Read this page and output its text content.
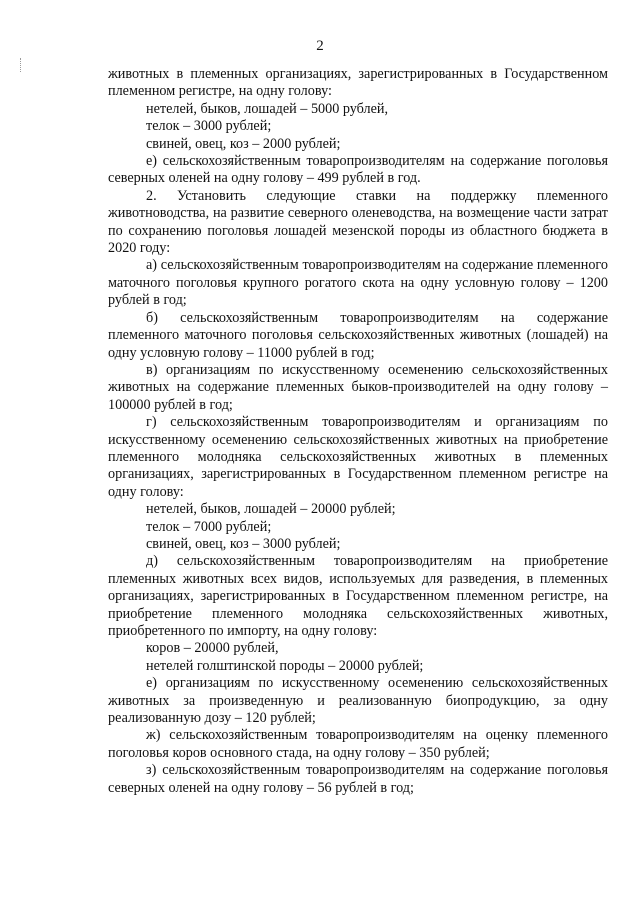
2

животных в племенных организациях, зарегистрированных в Государственном племенном регистре, на одну голову:

нетелей, быков, лошадей – 5000 рублей,

телок – 3000 рублей;

свиней, овец, коз – 2000 рублей;

е) сельскохозяйственным товаропроизводителям на содержание поголовья северных оленей на одну голову – 499 рублей в год.

2. Установить следующие ставки на поддержку племенного животноводства, на развитие северного оленеводства, на возмещение части затрат по сохранению поголовья лошадей мезенской породы из областного бюджета в 2020 году:

а) сельскохозяйственным товаропроизводителям на содержание племенного маточного поголовья крупного рогатого скота на одну условную голову – 1200 рублей в год;

б) сельскохозяйственным товаропроизводителям на содержание племенного маточного поголовья сельскохозяйственных животных (лошадей) на одну условную голову – 11000 рублей в год;

в) организациям по искусственному осеменению сельскохозяйственных животных на содержание племенных быков-производителей на одну голову – 100000 рублей в год;

г) сельскохозяйственным товаропроизводителям и организациям по искусственному осеменению сельскохозяйственных животных на приобретение племенного молодняка сельскохозяйственных животных в племенных организациях, зарегистрированных в Государственном племенном регистре на одну голову:

нетелей, быков, лошадей – 20000 рублей;

телок – 7000 рублей;

свиней, овец, коз – 3000 рублей;

д) сельскохозяйственным товаропроизводителям на приобретение племенных животных всех видов, используемых для разведения, в племенных организациях, зарегистрированных в Государственном племенном регистре, на приобретение племенного молодняка сельскохозяйственных животных, приобретенного по импорту, на одну голову:

коров – 20000 рублей,

нетелей голштинской породы – 20000 рублей;

е) организациям по искусственному осеменению сельскохозяйственных животных за произведенную и реализованную биопродукцию, за одну реализованную дозу – 120 рублей;

ж) сельскохозяйственным товаропроизводителям на оценку племенного поголовья коров основного стада, на одну голову – 350 рублей;

з) сельскохозяйственным товаропроизводителям на содержание поголовья северных оленей на одну голову – 56 рублей в год;
